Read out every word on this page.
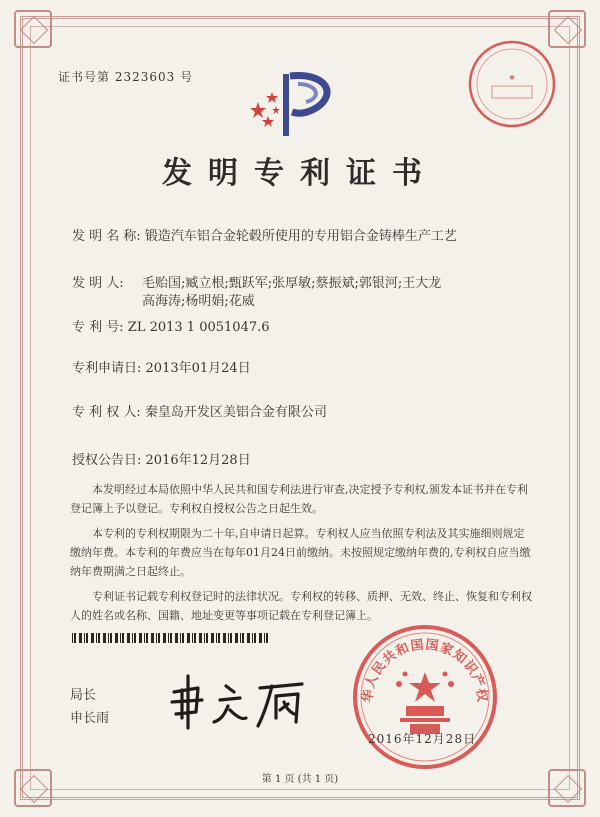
证书号第 2323603 号	★
发明专利证书
发 明 名 称: 锻造汽车铝合金轮毂所使用的专用铝合金铸棒生产工艺
发 明 人: 毛贻国;臧立根;甄跃军;张厚敏;蔡振斌;郭银河;王大龙
高海涛;杨明娟;花威
专 利 号: ZL 2013 1 0051047.6
专利申请日: 2013年01月24日
专 利 权 人: 秦皇岛开发区美铝合金有限公司
授权公告日: 2016年12月28日

本发明经过本局依照中华人民共和国专利法进行审查,决定授予专利权,颁发本证书并在专利登记簿上予以登记。专利权自授权公告之日起生效。

本专利的专利权期限为二十年,自申请日起算。专利权人应当依照专利法及其实施细则规定缴纳年费。本专利的年费应当在每年01月24日前缴纳。未按照规定缴纳年费的,专利权自应当缴纳年费期满之日起终止。

专利证书记载专利权登记时的法律状况。专利权的转移、质押、无效、终止、恢复和专利权人的姓名或名称、国籍、地址变更等事项记载在专利登记簿上。

局长
申长雨
华人民共和国国家知识产权
2016年12月28日
第 1 页 (共 1 页)
